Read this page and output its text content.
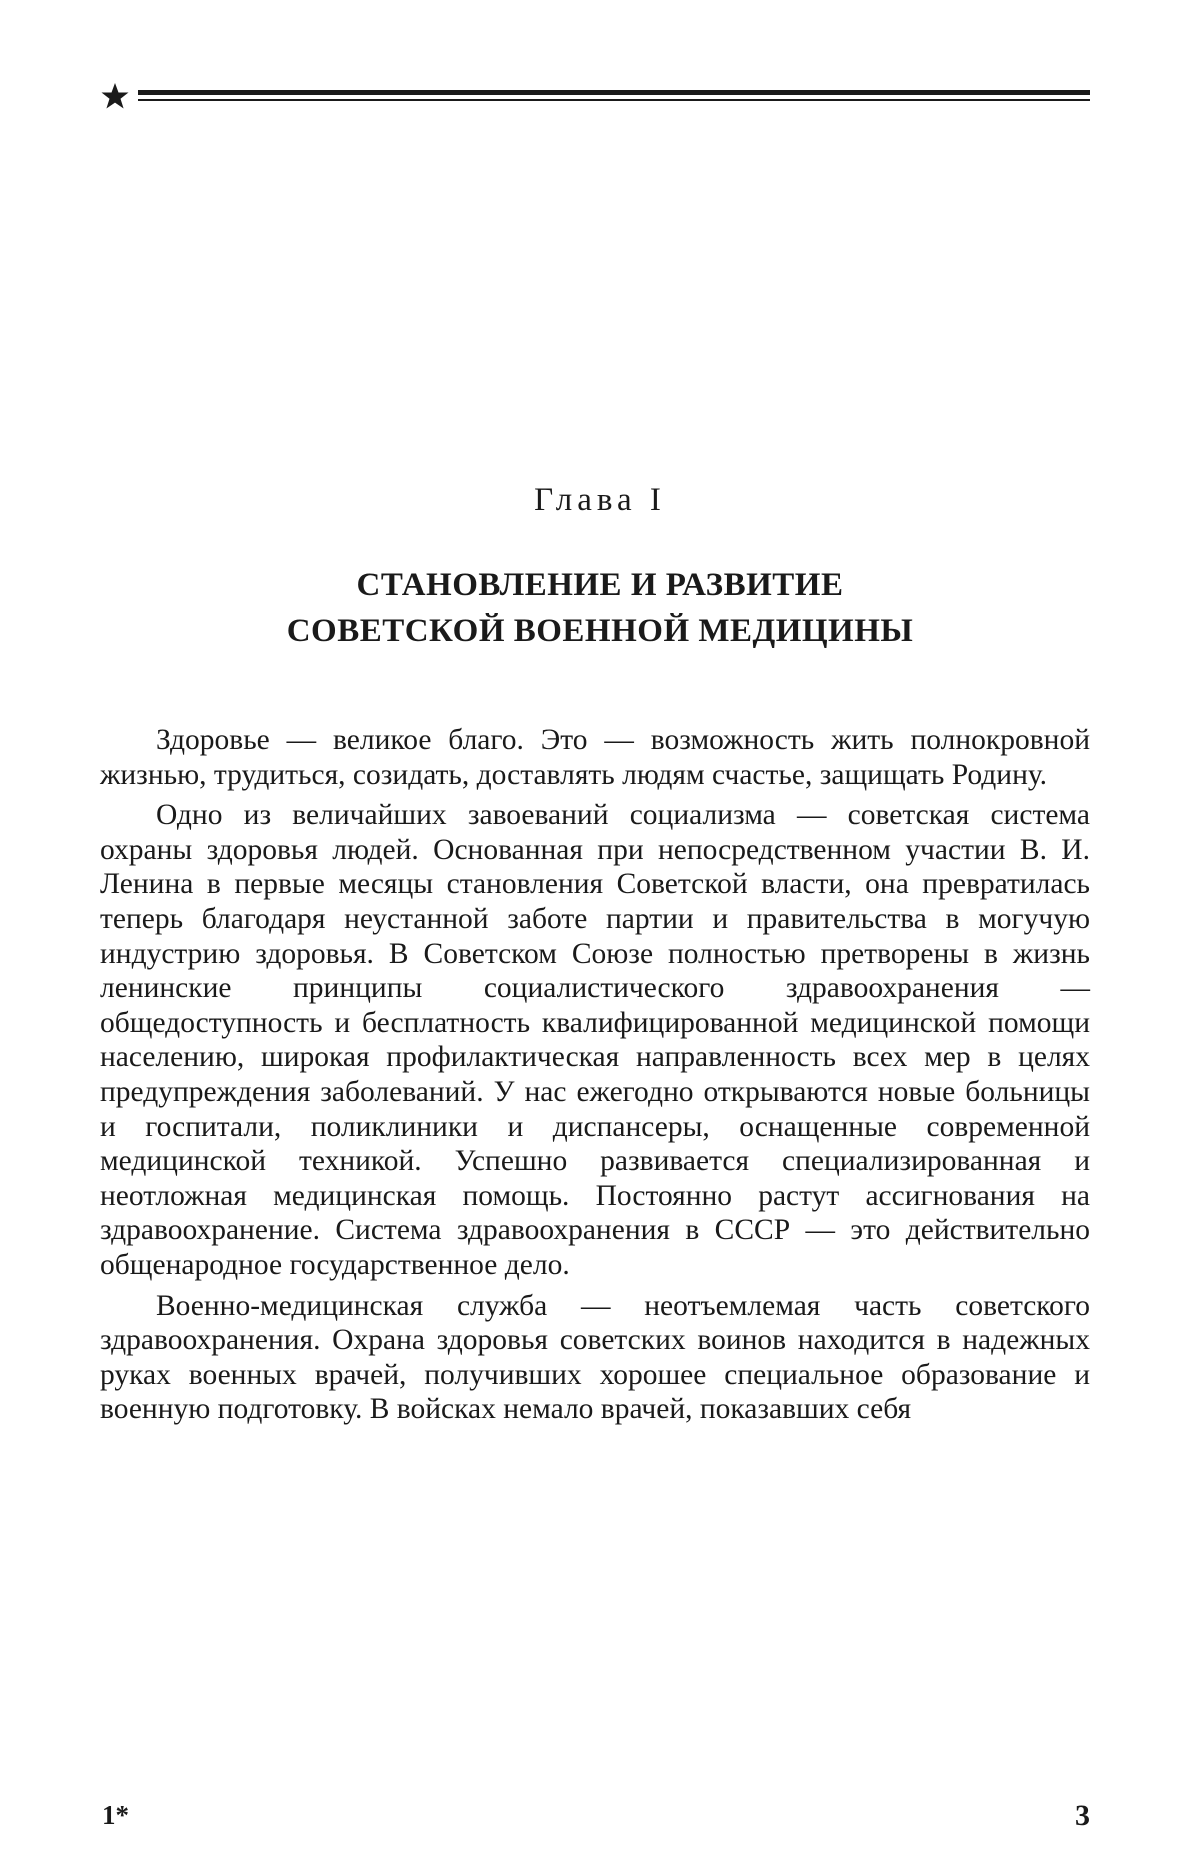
Глава I
СТАНОВЛЕНИЕ И РАЗВИТИЕ
СОВЕТСКОЙ ВОЕННОЙ МЕДИЦИНЫ

Здоровье — великое благо. Это — возможность жить полнокровной жизнью, трудиться, созидать, доставлять людям счастье, защищать Родину.

Одно из величайших завоеваний социализма — советская система охраны здоровья людей. Основанная при непосредственном участии В. И. Ленина в первые месяцы становления Советской власти, она превратилась теперь благодаря неустанной заботе партии и правительства в могучую индустрию здоровья. В Советском Союзе полностью претворены в жизнь ленинские принципы социалистического здравоохранения — общедоступность и бесплатность квалифицированной медицинской помощи населению, широкая профилактическая направленность всех мер в целях предупреждения заболеваний. У нас ежегодно открываются новые больницы и госпитали, поликлиники и диспансеры, оснащенные современной медицинской техникой. Успешно развивается специализированная и неотложная медицинская помощь. Постоянно растут ассигнования на здравоохранение. Система здравоохранения в СССР — это действительно общенародное государственное дело.

Военно-медицинская служба — неотъемлемая часть советского здравоохранения. Охрана здоровья советских воинов находится в надежных руках военных врачей, получивших хорошее специальное образование и военную подготовку. В войсках немало врачей, показавших себя

1*	3
